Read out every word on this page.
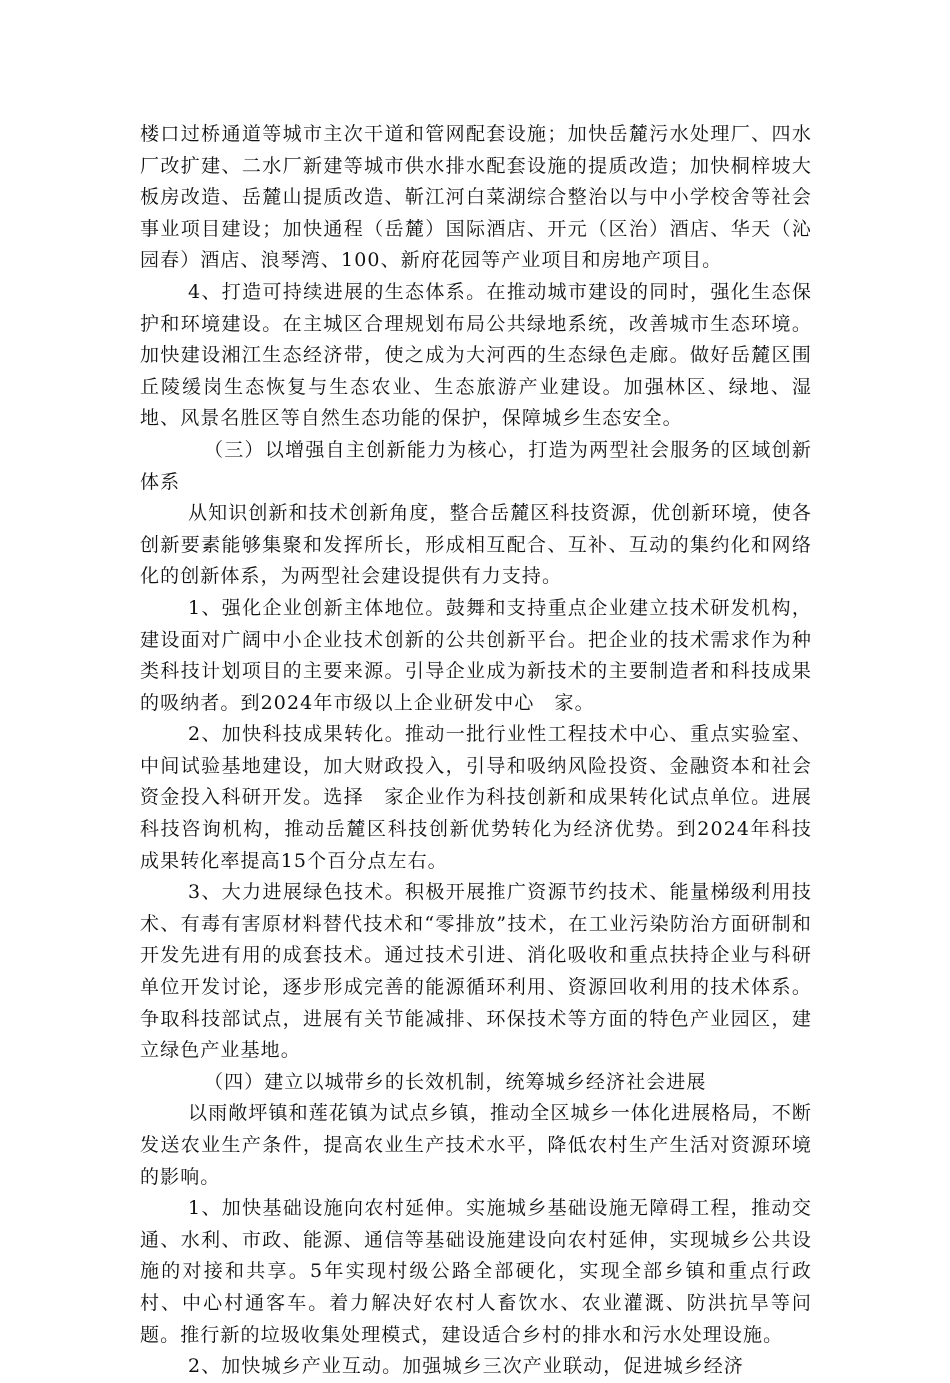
楼口过桥通道等城市主次干道和管网配套设施；加快岳麓污水处理厂、四水厂改扩建、二水厂新建等城市供水排水配套设施的提质改造；加快桐梓坡大板房改造、岳麓山提质改造、靳江河白菜湖综合整治以与中小学校舍等社会事业项目建设；加快通程（岳麓）国际酒店、开元（区治）酒店、华天（沁园春）酒店、浪琴湾、100、新府花园等产业项目和房地产项目。

4、打造可持续进展的生态体系。在推动城市建设的同时，强化生态保护和环境建设。在主城区合理规划布局公共绿地系统，改善城市生态环境。加快建设湘江生态经济带，使之成为大河西的生态绿色走廊。做好岳麓区围丘陵缓岗生态恢复与生态农业、生态旅游产业建设。加强林区、绿地、湿地、风景名胜区等自然生态功能的保护，保障城乡生态安全。

（三）以增强自主创新能力为核心，打造为两型社会服务的区域创新体系

从知识创新和技术创新角度，整合岳麓区科技资源，优创新环境，使各创新要素能够集聚和发挥所长，形成相互配合、互补、互动的集约化和网络化的创新体系，为两型社会建设提供有力支持。

1、强化企业创新主体地位。鼓舞和支持重点企业建立技术研发机构，建设面对广阔中小企业技术创新的公共创新平台。把企业的技术需求作为种类科技计划项目的主要来源。引导企业成为新技术的主要制造者和科技成果的吸纳者。到2024年市级以上企业研发中心　家。

2、加快科技成果转化。推动一批行业性工程技术中心、重点实验室、中间试验基地建设，加大财政投入，引导和吸纳风险投资、金融资本和社会资金投入科研开发。选择　家企业作为科技创新和成果转化试点单位。进展科技咨询机构，推动岳麓区科技创新优势转化为经济优势。到2024年科技成果转化率提高15个百分点左右。

3、大力进展绿色技术。积极开展推广资源节约技术、能量梯级利用技术、有毒有害原材料替代技术和“零排放”技术，在工业污染防治方面研制和开发先进有用的成套技术。通过技术引进、消化吸收和重点扶持企业与科研单位开发讨论，逐步形成完善的能源循环利用、资源回收利用的技术体系。争取科技部试点，进展有关节能减排、环保技术等方面的特色产业园区，建立绿色产业基地。

（四）建立以城带乡的长效机制，统筹城乡经济社会进展

以雨敞坪镇和莲花镇为试点乡镇，推动全区城乡一体化进展格局，不断发送农业生产条件，提高农业生产技术水平，降低农村生产生活对资源环境的影响。

1、加快基础设施向农村延伸。实施城乡基础设施无障碍工程，推动交通、水利、市政、能源、通信等基础设施建设向农村延伸，实现城乡公共设施的对接和共享。5年实现村级公路全部硬化，实现全部乡镇和重点行政村、中心村通客车。着力解决好农村人畜饮水、农业灌溉、防洪抗旱等问题。推行新的垃圾收集处理模式，建设适合乡村的排水和污水处理设施。

2、加快城乡产业互动。加强城乡三次产业联动，促进城乡经济
